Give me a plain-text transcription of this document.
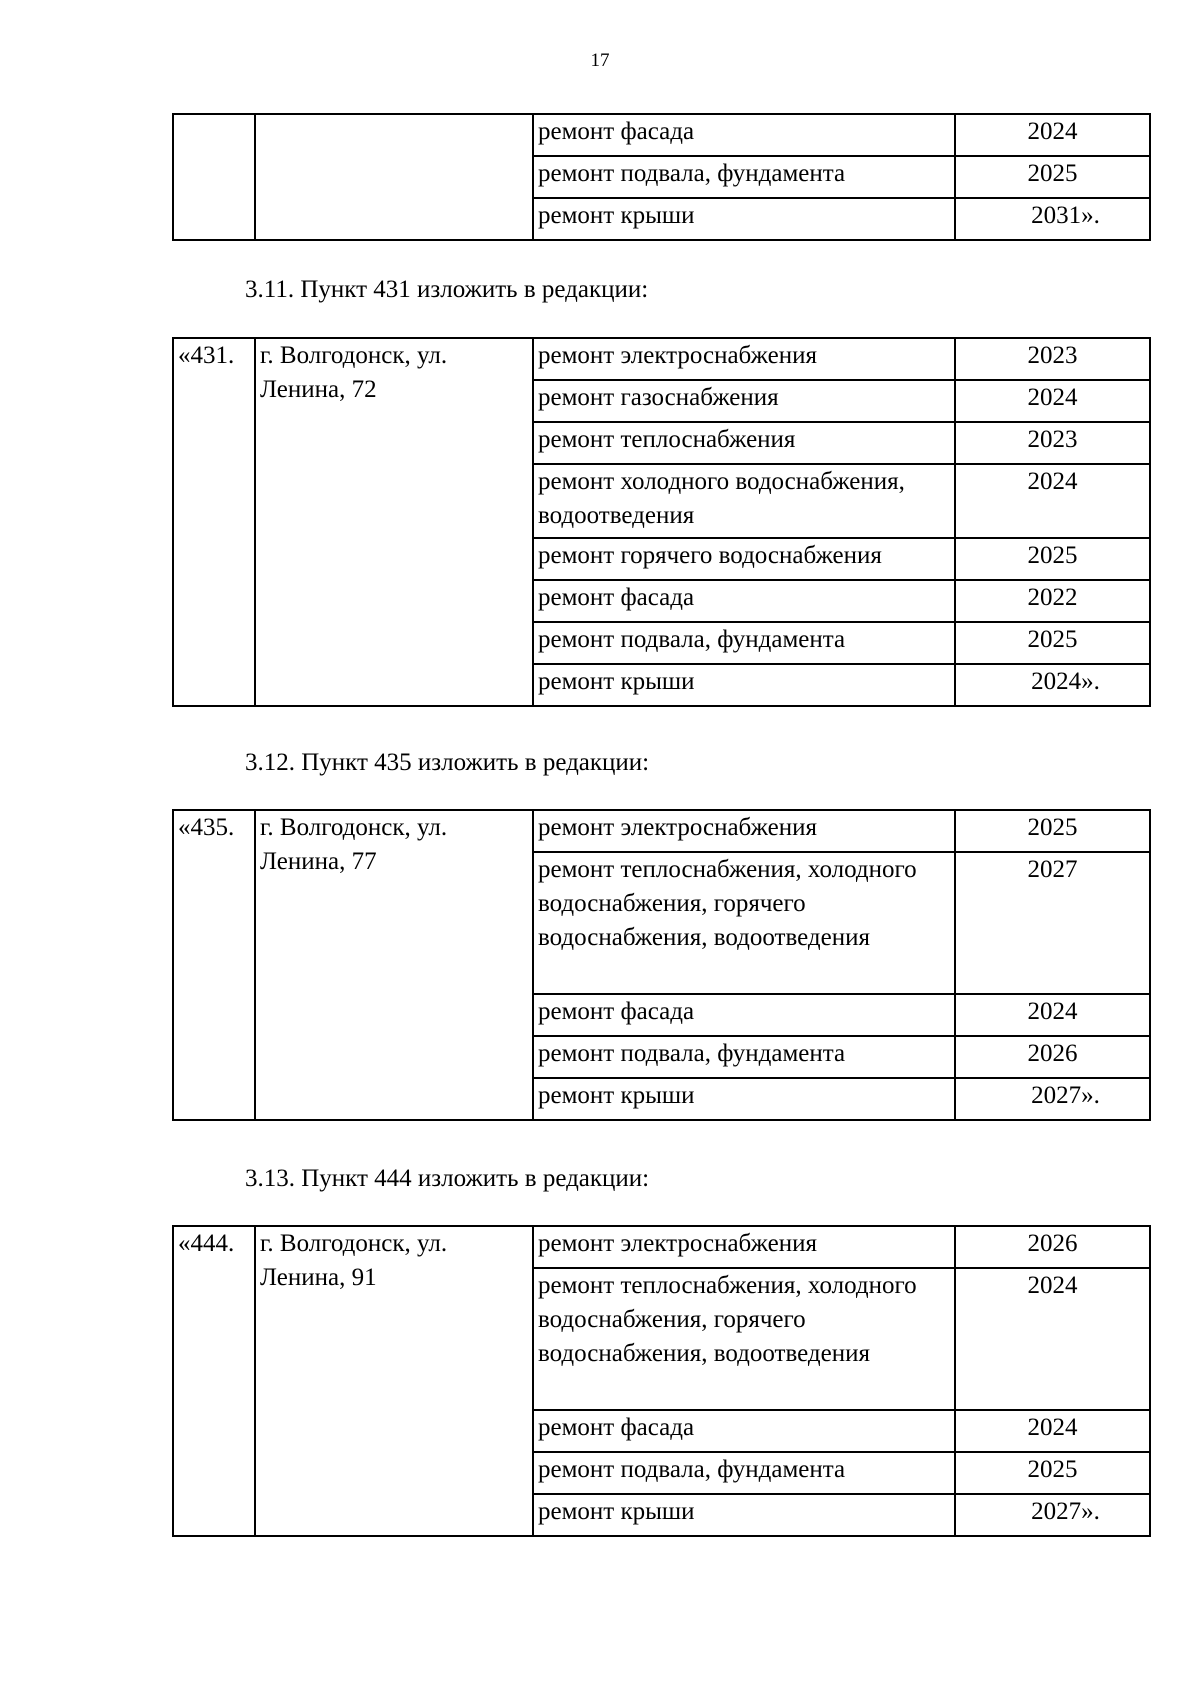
17
		ремонт фасада	2024
		ремонт подвала, фундамента	2025
		ремонт крыши	2031».
3.11. Пункт 431 изложить в редакции:
«431.	г. Волгодонск, ул. Ленина, 72	ремонт электроснабжения	2023
		ремонт газоснабжения	2024
		ремонт теплоснабжения	2023
		ремонт холодного водоснабжения, водоотведения	2024
		ремонт горячего водоснабжения	2025
		ремонт фасада	2022
		ремонт подвала, фундамента	2025
		ремонт крыши	2024».
3.12. Пункт 435 изложить в редакции:
«435.	г. Волгодонск, ул. Ленина, 77	ремонт электроснабжения	2025
		ремонт теплоснабжения, холодного водоснабжения, горячего водоснабжения, водоотведения	2027
		ремонт фасада	2024
		ремонт подвала, фундамента	2026
		ремонт крыши	2027».
3.13. Пункт 444 изложить в редакции:
«444.	г. Волгодонск, ул. Ленина, 91	ремонт электроснабжения	2026
		ремонт теплоснабжения, холодного водоснабжения, горячего водоснабжения, водоотведения	2024
		ремонт фасада	2024
		ремонт подвала, фундамента	2025
		ремонт крыши	2027».
